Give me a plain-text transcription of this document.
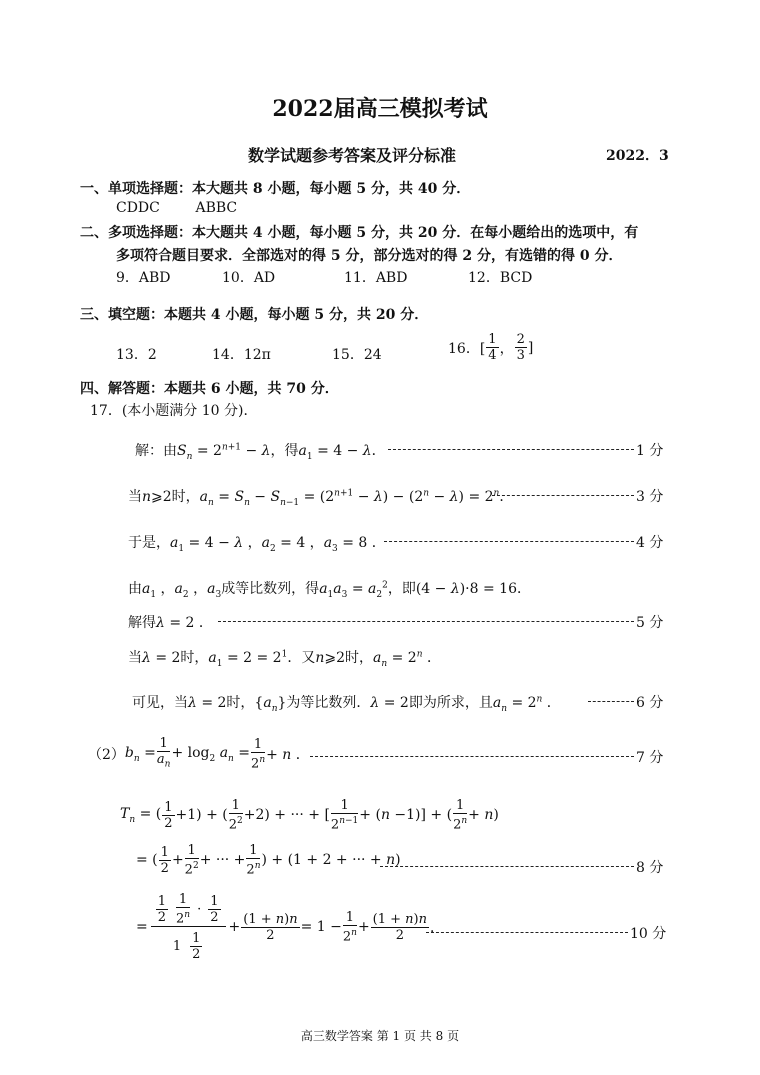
2022届高三模拟考试
数学试题参考答案及评分标准	2022．3
一、单项选择题：本大题共 8 小题，每小题 5 分，共 40 分．
CDDC        ABBC
二、多项选择题：本大题共 4 小题，每小题 5 分，共 20 分．在每小题给出的选项中，有
多项符合题目要求．全部选对的得 5 分，部分选对的得 2 分，有选错的得 0 分．
9．ABD	10．AD	11．ABD	12．BCD
三、填空题：本题共 4 小题，每小题 5 分，共 20 分．
13．2	14．12π	15．24	16．[ $\frac{1}{4}$ ， $\frac{2}{3}$ ]
四、解答题：本题共 6 小题，共 70 分．
17．(本小题满分 10 分)．
解：由$S_n = 2^{n+1} - \lambda$，得$a_1 = 4 - \lambda$．	1 分
当n⩾2时，$a_n = S_n - S_{n-1} = (2^{n+1} - \lambda) - (2^n - \lambda) = 2^n$．	3 分
于是，$a_1 = 4 - \lambda$ ，$a_2 = 4$ ，$a_3 = 8$ ．	4 分
由$a_1$ ，$a_2$ ，$a_3$成等比数列，得$a_1a_3 = a_2^2$，即(4 − λ)·8 = 16．
解得λ = 2 ．	5 分
当λ = 2时，$a_1 = 2 = 2^1$．又n⩾2时，$a_n = 2^n$ ．
可见，当λ = 2时，$\{a_n\}$为等比数列．λ = 2即为所求，且$a_n = 2^n$ ．	6 分
（2） $b_n = \frac{1}{a_n} + \log_2 a_n = \frac{1}{2^n} + n$ ．	7 分
$T_n$ = ( $\frac{1}{2} +1$) + ( $\frac{1}{2^2} +2$) + ··· + [ $\frac{1}{2^{n-1}} + (n -1)$] + ( $\frac{1}{2^n} + n$)
= ( $\frac{1}{2} + \frac{1}{2^2}$ + ··· + $\frac{1}{2^n}$ ) + (1 + 2 + ··· + n)	8 分
= $\frac{\frac{1}{2} \frac{1}{2^n} \cdot \frac{1}{2}}{1 \frac{1}{2}} + \frac{(1 + n)n}{2} = 1 - \frac{1}{2^n} + \frac{(1 + n)n}{2}$ ．	10 分
高三数学答案 第 1 页 共 8 页
